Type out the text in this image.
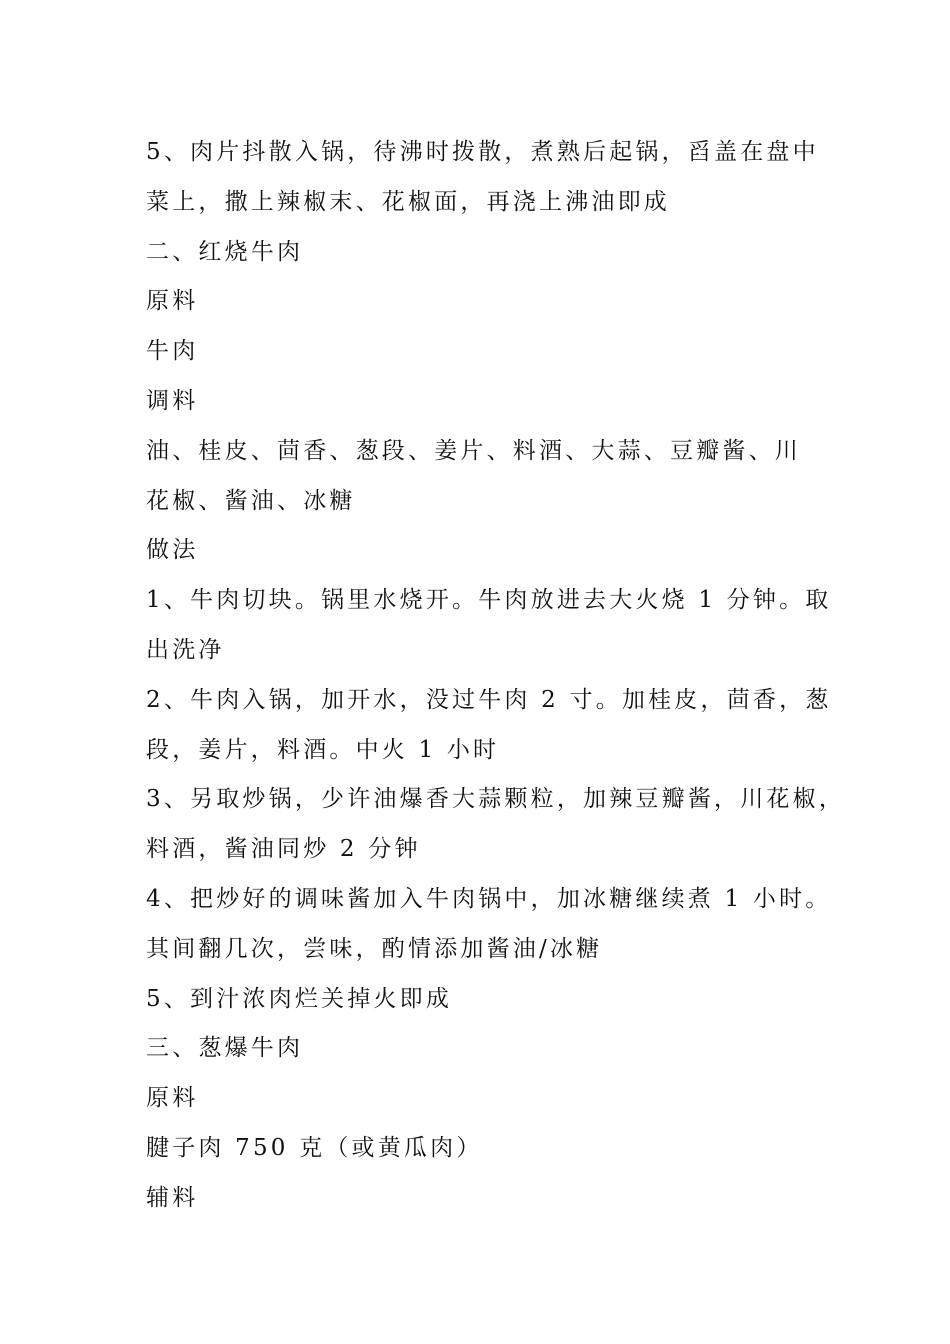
5、肉片抖散入锅，待沸时拨散，煮熟后起锅，舀盖在盘中
菜上，撒上辣椒末、花椒面，再浇上沸油即成
二、红烧牛肉
原料
牛肉
调料
油、桂皮、茴香、葱段、姜片、料酒、大蒜、豆瓣酱、川
花椒、酱油、冰糖
做法
1、牛肉切块。锅里水烧开。牛肉放进去大火烧 1 分钟。取
出洗净
2、牛肉入锅，加开水，没过牛肉 2 寸。加桂皮，茴香，葱
段，姜片，料酒。中火 1 小时
3、另取炒锅，少许油爆香大蒜颗粒，加辣豆瓣酱，川花椒，
料酒，酱油同炒 2 分钟
4、把炒好的调味酱加入牛肉锅中，加冰糖继续煮 1 小时。
其间翻几次，尝味，酌情添加酱油/冰糖
5、到汁浓肉烂关掉火即成
三、葱爆牛肉
原料
腱子肉 750 克（或黄瓜肉）
辅料
